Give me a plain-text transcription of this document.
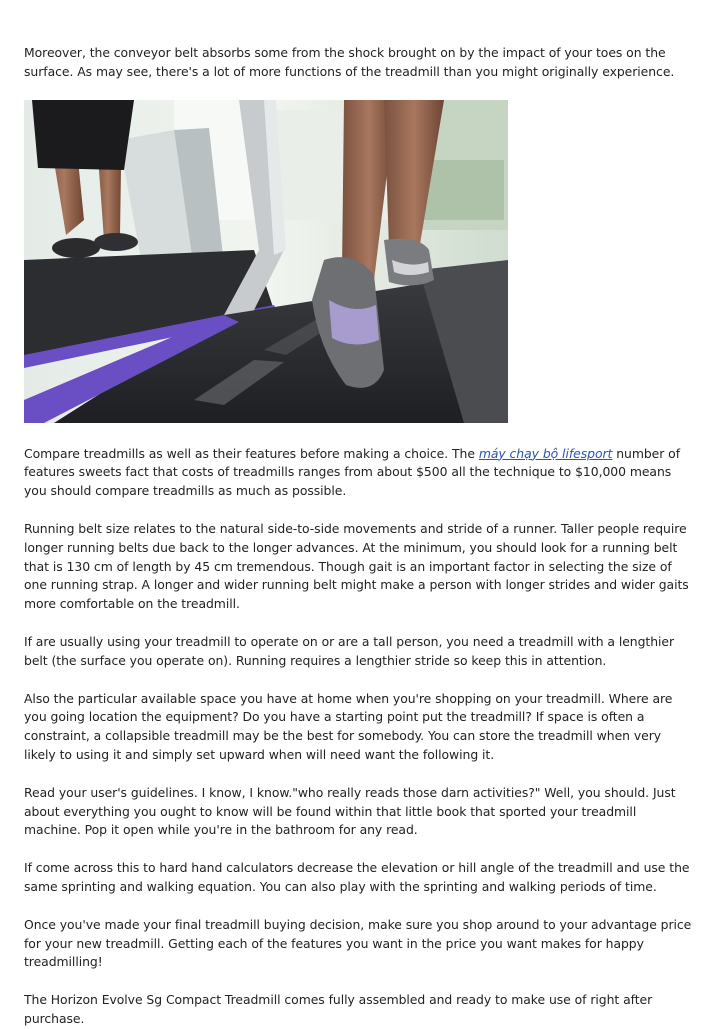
Moreover, the conveyor belt absorbs some from the shock brought on by the impact of your toes on the surface. As may see, there's a lot of more functions of the treadmill than you might originally experience.

Compare treadmills as well as their features before making a choice. The máy chạy bộ lifesport number of features sweets fact that costs of treadmills ranges from about $500 all the technique to $10,000 means you should compare treadmills as much as possible.

Running belt size relates to the natural side-to-side movements and stride of a runner. Taller people require longer running belts due back to the longer advances. At the minimum, you should look for a running belt that is 130 cm of length by 45 cm tremendous. Though gait is an important factor in selecting the size of one running strap. A longer and wider running belt might make a person with longer strides and wider gaits more comfortable on the treadmill.

If are usually using your treadmill to operate on or are a tall person, you need a treadmill with a lengthier belt (the surface you operate on). Running requires a lengthier stride so keep this in attention.

Also the particular available space you have at home when you're shopping on your treadmill. Where are you going location the equipment? Do you have a starting point put the treadmill? If space is often a constraint, a collapsible treadmill may be the best for somebody. You can store the treadmill when very likely to using it and simply set upward when will need want the following it.

Read your user's guidelines. I know, I know."who really reads those darn activities?" Well, you should. Just about everything you ought to know will be found within that little book that sported your treadmill machine. Pop it open while you're in the bathroom for any read.

If come across this to hard hand calculators decrease the elevation or hill angle of the treadmill and use the same sprinting and walking equation. You can also play with the sprinting and walking periods of time.

Once you've made your final treadmill buying decision, make sure you shop around to your advantage price for your new treadmill. Getting each of the features you want in the price you want makes for happy treadmilling!

The Horizon Evolve Sg Compact Treadmill comes fully assembled and ready to make use of right after purchase.
